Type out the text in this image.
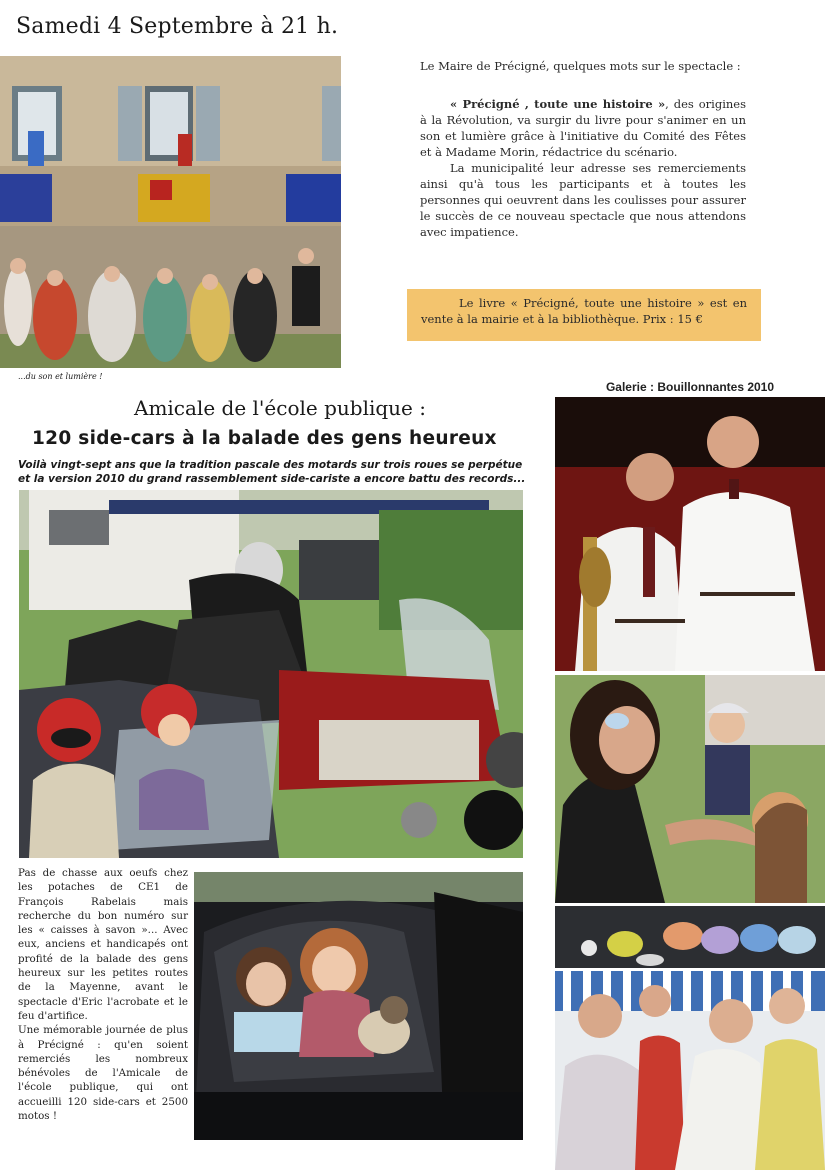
Samedi 4 Septembre à 21 h.
...du son et lumière !

Le Maire de Précigné, quelques mots sur le spectacle :

« Précigné , toute une histoire », des origines à la Révolution, va surgir du livre pour s'animer en un son et lumière grâce à l'initiative du Comité des Fêtes et à Madame Morin, rédactrice du scénario.

La municipalité leur adresse ses remerciements ainsi qu'à tous les participants et à toutes les personnes qui oeuvrent dans les coulisses pour assurer le succès de ce nouveau spectacle que nous attendons avec impatience.

Le livre « Précigné, toute une histoire » est en vente à la mairie et à la bibliothèque. Prix : 15 €
Galerie : Bouillonnantes 2010
Amicale de l'école publique :
120 side-cars à la balade des gens heureux
Voilà vingt-sept ans que la tradition pascale des motards sur trois roues se perpétue et la version 2010 du grand rassemblement side-cariste a encore battu des records...

Pas de chasse aux oeufs chez les potaches de CE1 de François Rabelais mais recherche du bon numéro sur les « caisses à savon »... Avec eux, anciens et handicapés ont profité de la balade des gens heureux sur les petites routes de la Mayenne, avant le spectacle d'Eric l'acrobate et le feu d'artifice.

Une mémorable journée de plus à Précigné : qu'en soient remerciés les nombreux bénévoles de l'Amicale de l'école publique, qui ont accueilli 120 side-cars et 2500 motos !
